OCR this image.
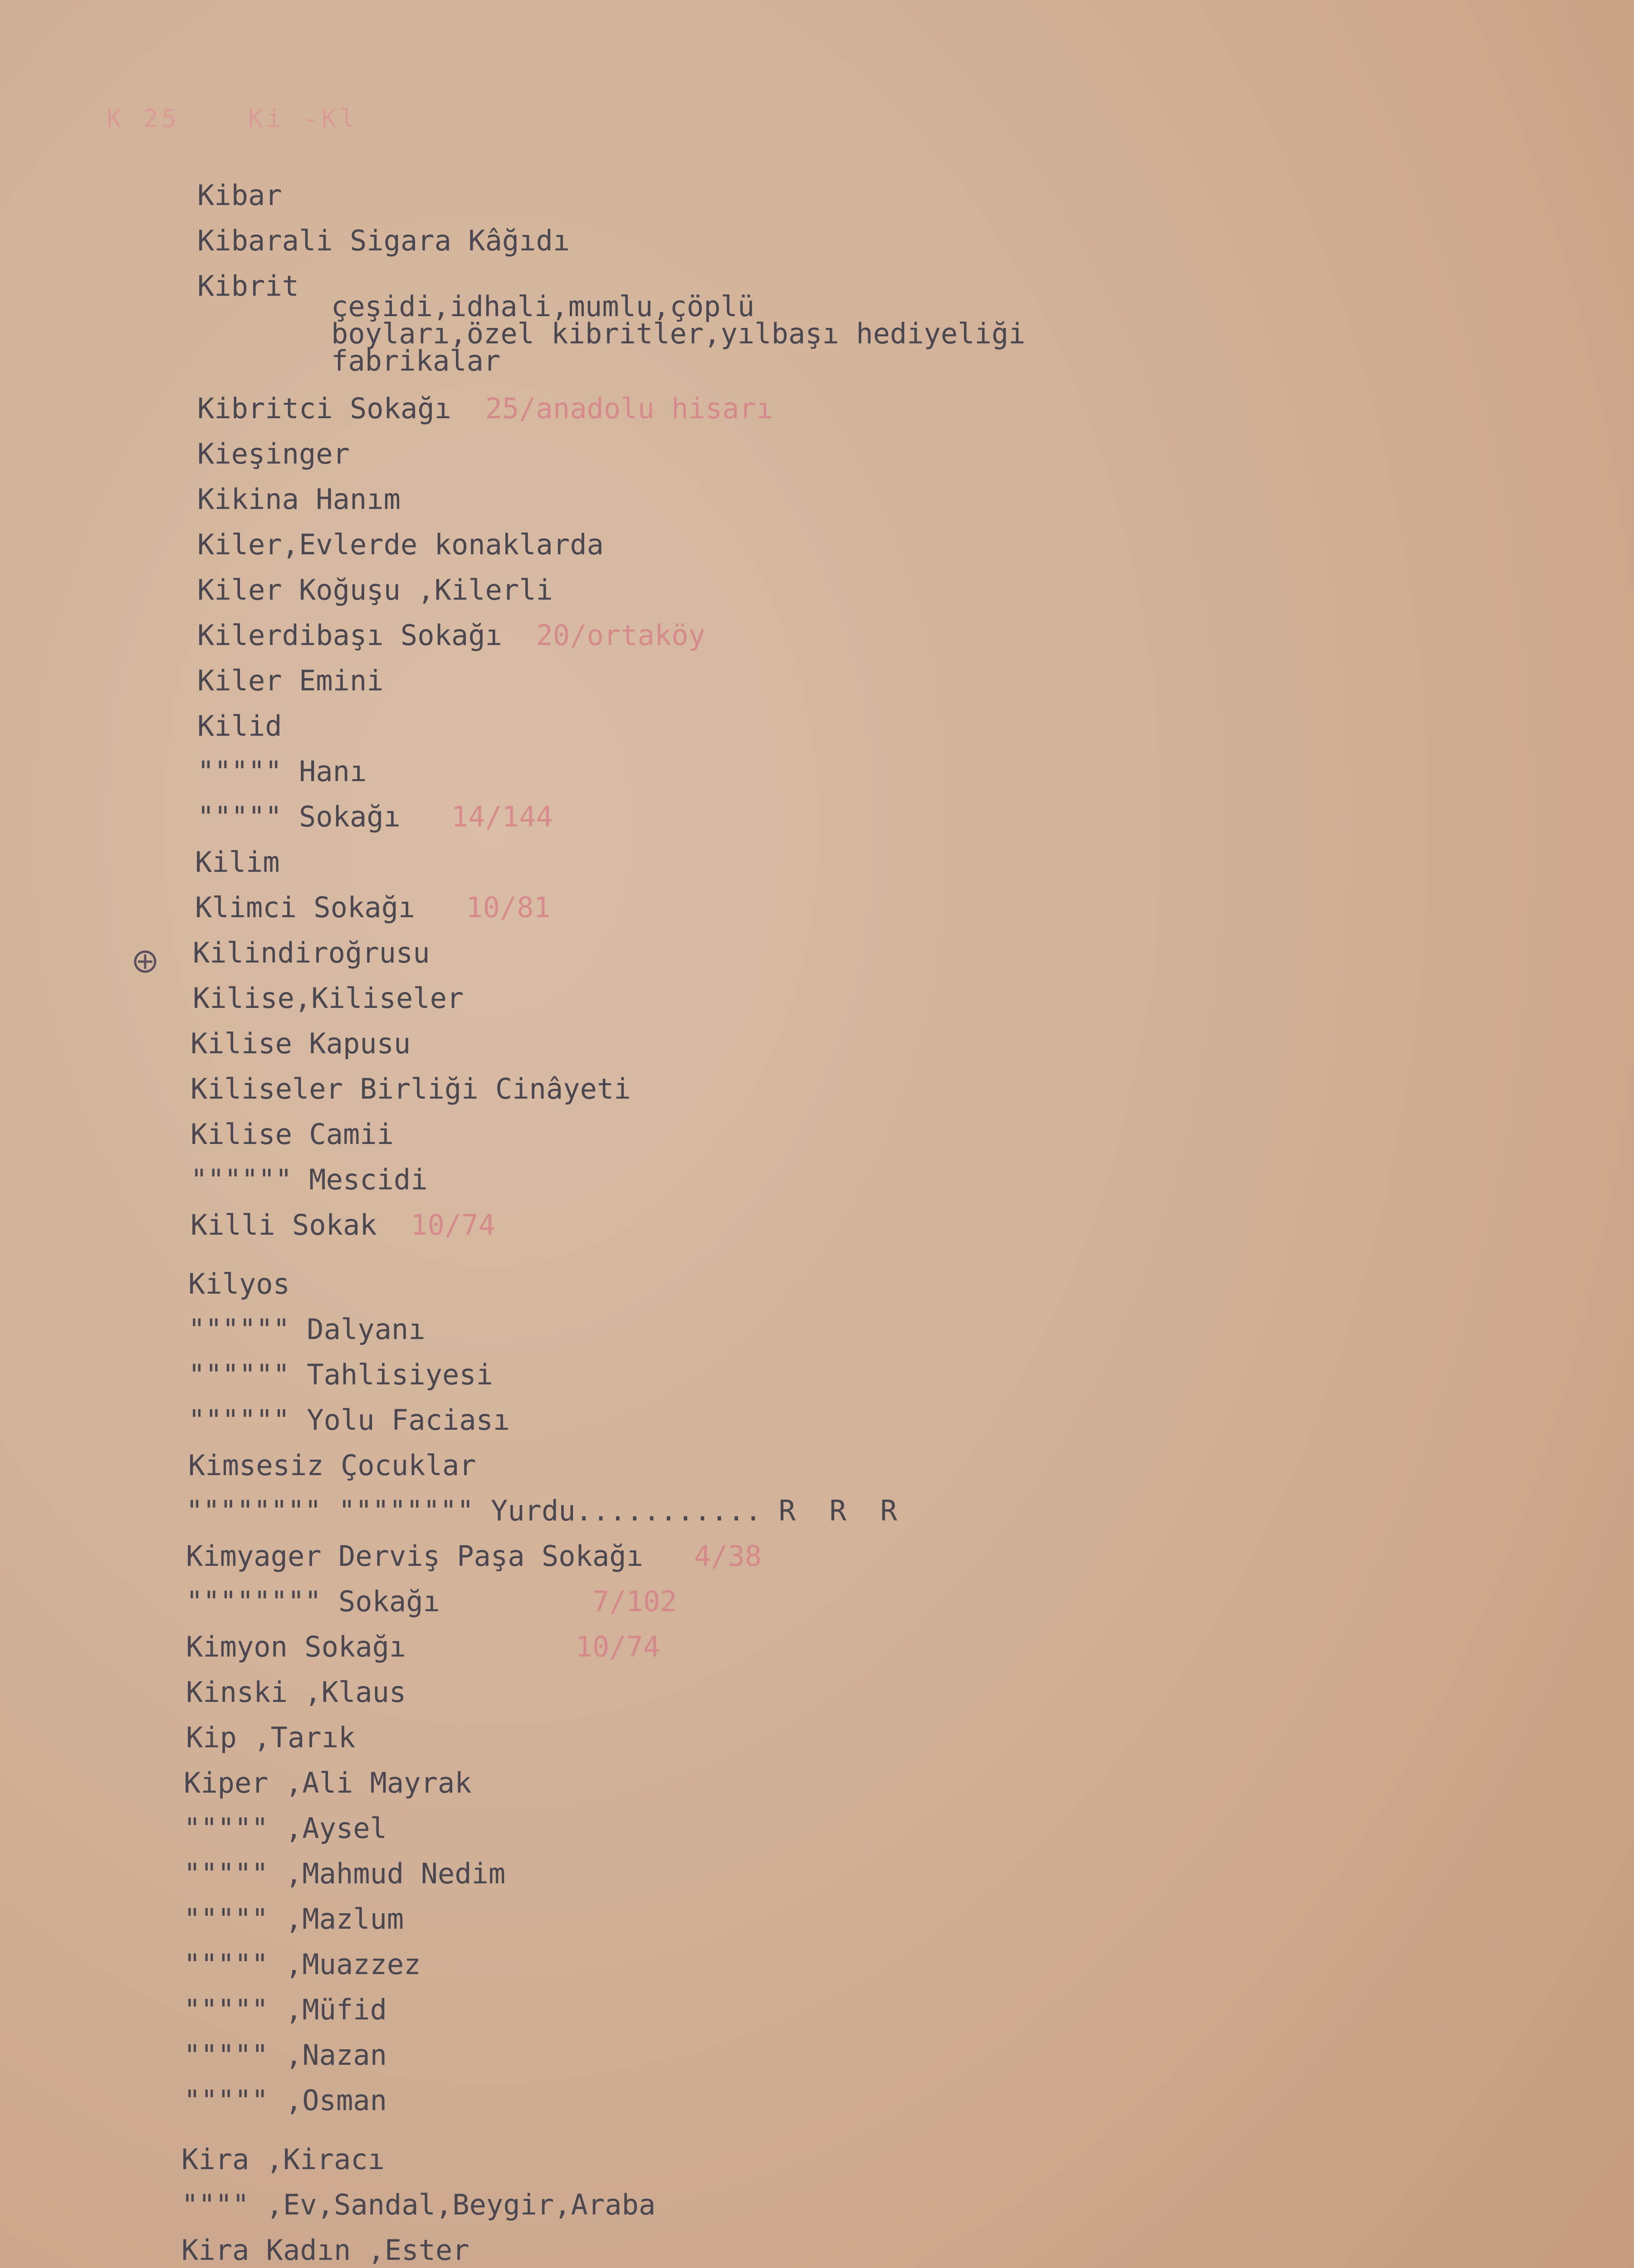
K 25	Ki -Kl
Kibar
Kibarali Sigara Kâğıdı
Kibrit
çeşidi,idhali,mumlu,çöplü
boyları,özel kibritler,yılbaşı hediyeliği
fabrikalar
Kibritci Sokağı 25/anadolu hisarı
Kieşinger
Kikina Hanım
Kiler,Evlerde konaklarda
Kiler Koğuşu ,Kilerli
Kilerdibaşı Sokağı 20/ortaköy
Kiler Emini
Kilid
""""" Hanı
""""" Sokağı 14/144
Kilim
Klimci Sokağı 10/81
Kilindiroğrusu
Kilise,Kiliseler
Kilise Kapusu
Kiliseler Birliği Cinâyeti
Kilise Camii
"""""" Mescidi
Killi Sokak 10/74
Kilyos
"""""" Dalyanı
"""""" Tahlisiyesi
"""""" Yolu Faciası
Kimsesiz Çocuklar
"""""""" """""""" Yurdu........... R  R  R
Kimyager Derviş Paşa Sokağı 4/38
"""""""" Sokağı	7/102
Kimyon Sokağı	10/74
Kinski ,Klaus
Kip ,Tarık
Kiper ,Ali Mayrak
""""" ,Aysel
""""" ,Mahmud Nedim
""""" ,Mazlum
""""" ,Muazzez
""""" ,Müfid
""""" ,Nazan
""""" ,Osman
Kira ,Kiracı
"""" ,Ev,Sandal,Beygir,Araba
Kira Kadın ,Ester
